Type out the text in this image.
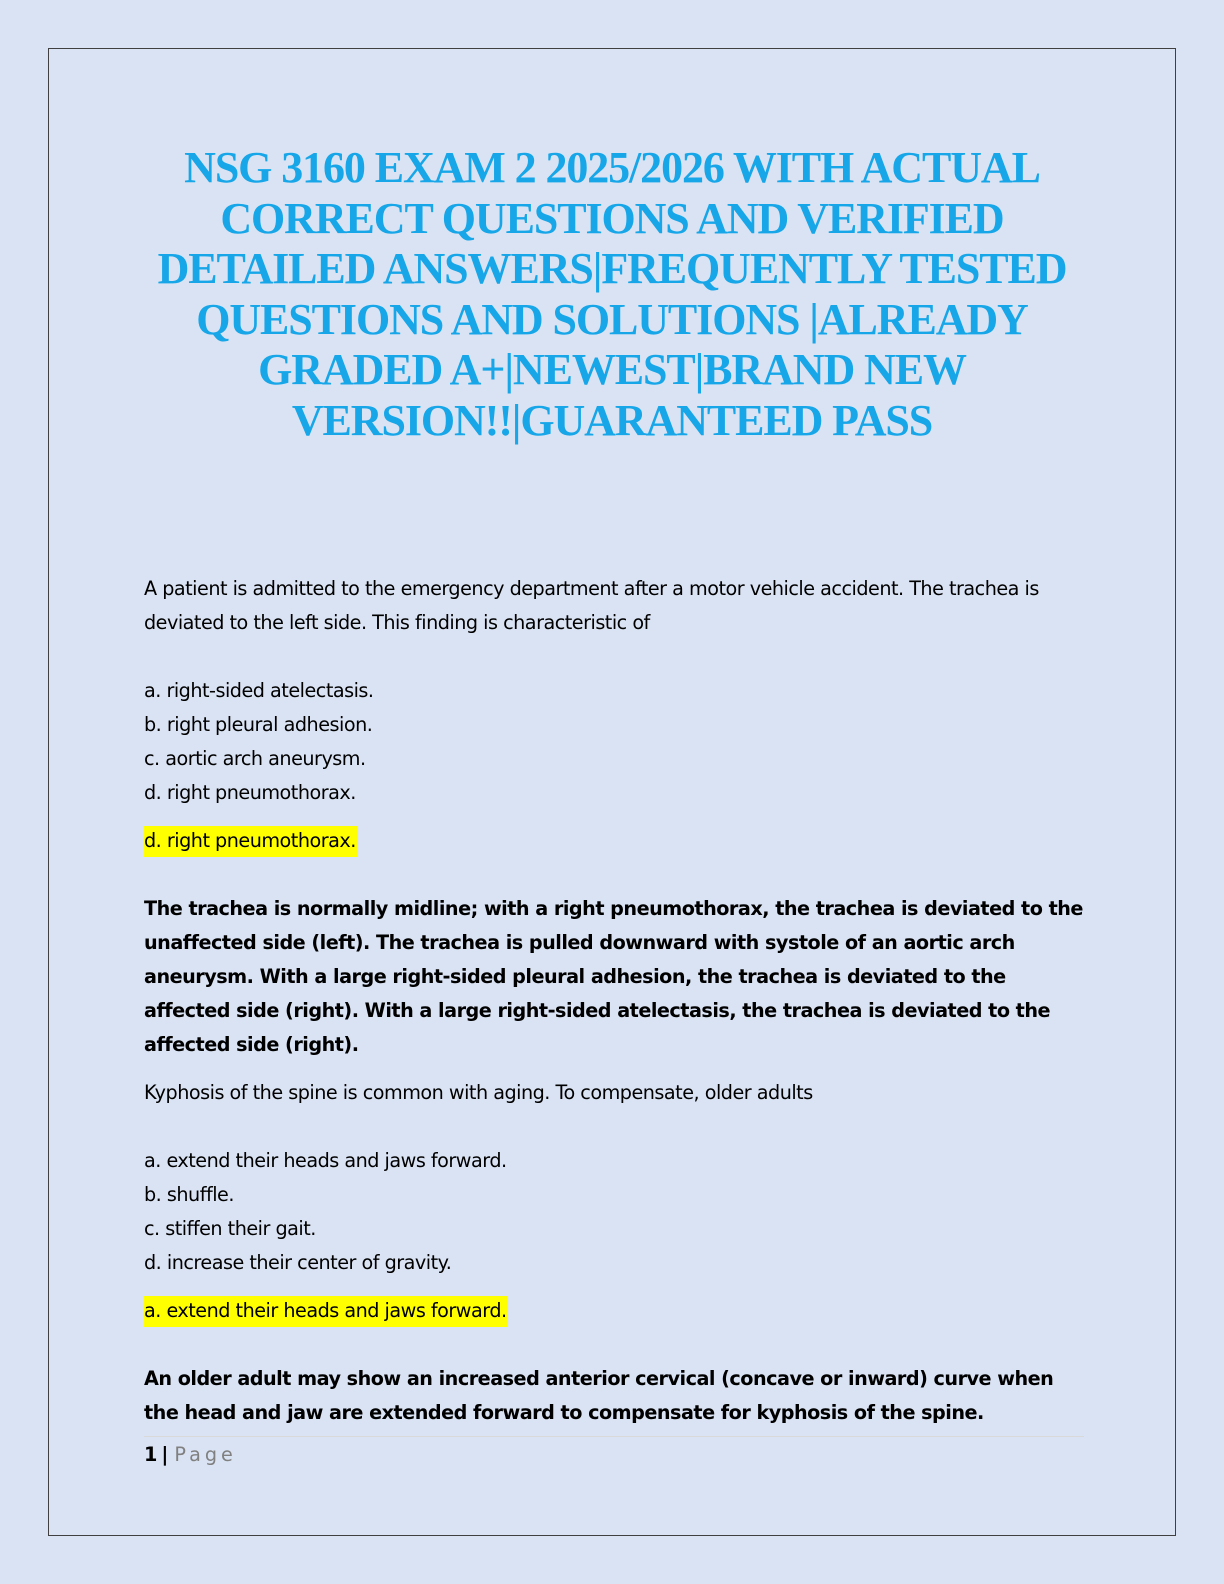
NSG 3160 EXAM 2 2025/2026 WITH ACTUAL CORRECT QUESTIONS AND VERIFIED DETAILED ANSWERS|FREQUENTLY TESTED QUESTIONS AND SOLUTIONS |ALREADY GRADED A+|NEWEST|BRAND NEW VERSION!!|GUARANTEED PASS

A patient is admitted to the emergency department after a motor vehicle accident. The trachea is deviated to the left side. This finding is characteristic of

a. right-sided atelectasis.
b. right pleural adhesion.
c. aortic arch aneurysm.
d. right pneumothorax.

d. right pneumothorax.

The trachea is normally midline; with a right pneumothorax, the trachea is deviated to the unaffected side (left). The trachea is pulled downward with systole of an aortic arch aneurysm. With a large right-sided pleural adhesion, the trachea is deviated to the affected side (right). With a large right-sided atelectasis, the trachea is deviated to the affected side (right).

Kyphosis of the spine is common with aging. To compensate, older adults

a. extend their heads and jaws forward.
b. shuffle.
c. stiffen their gait.
d. increase their center of gravity.

a. extend their heads and jaws forward.

An older adult may show an increased anterior cervical (concave or inward) curve when the head and jaw are extended forward to compensate for kyphosis of the spine.

1 | Page
